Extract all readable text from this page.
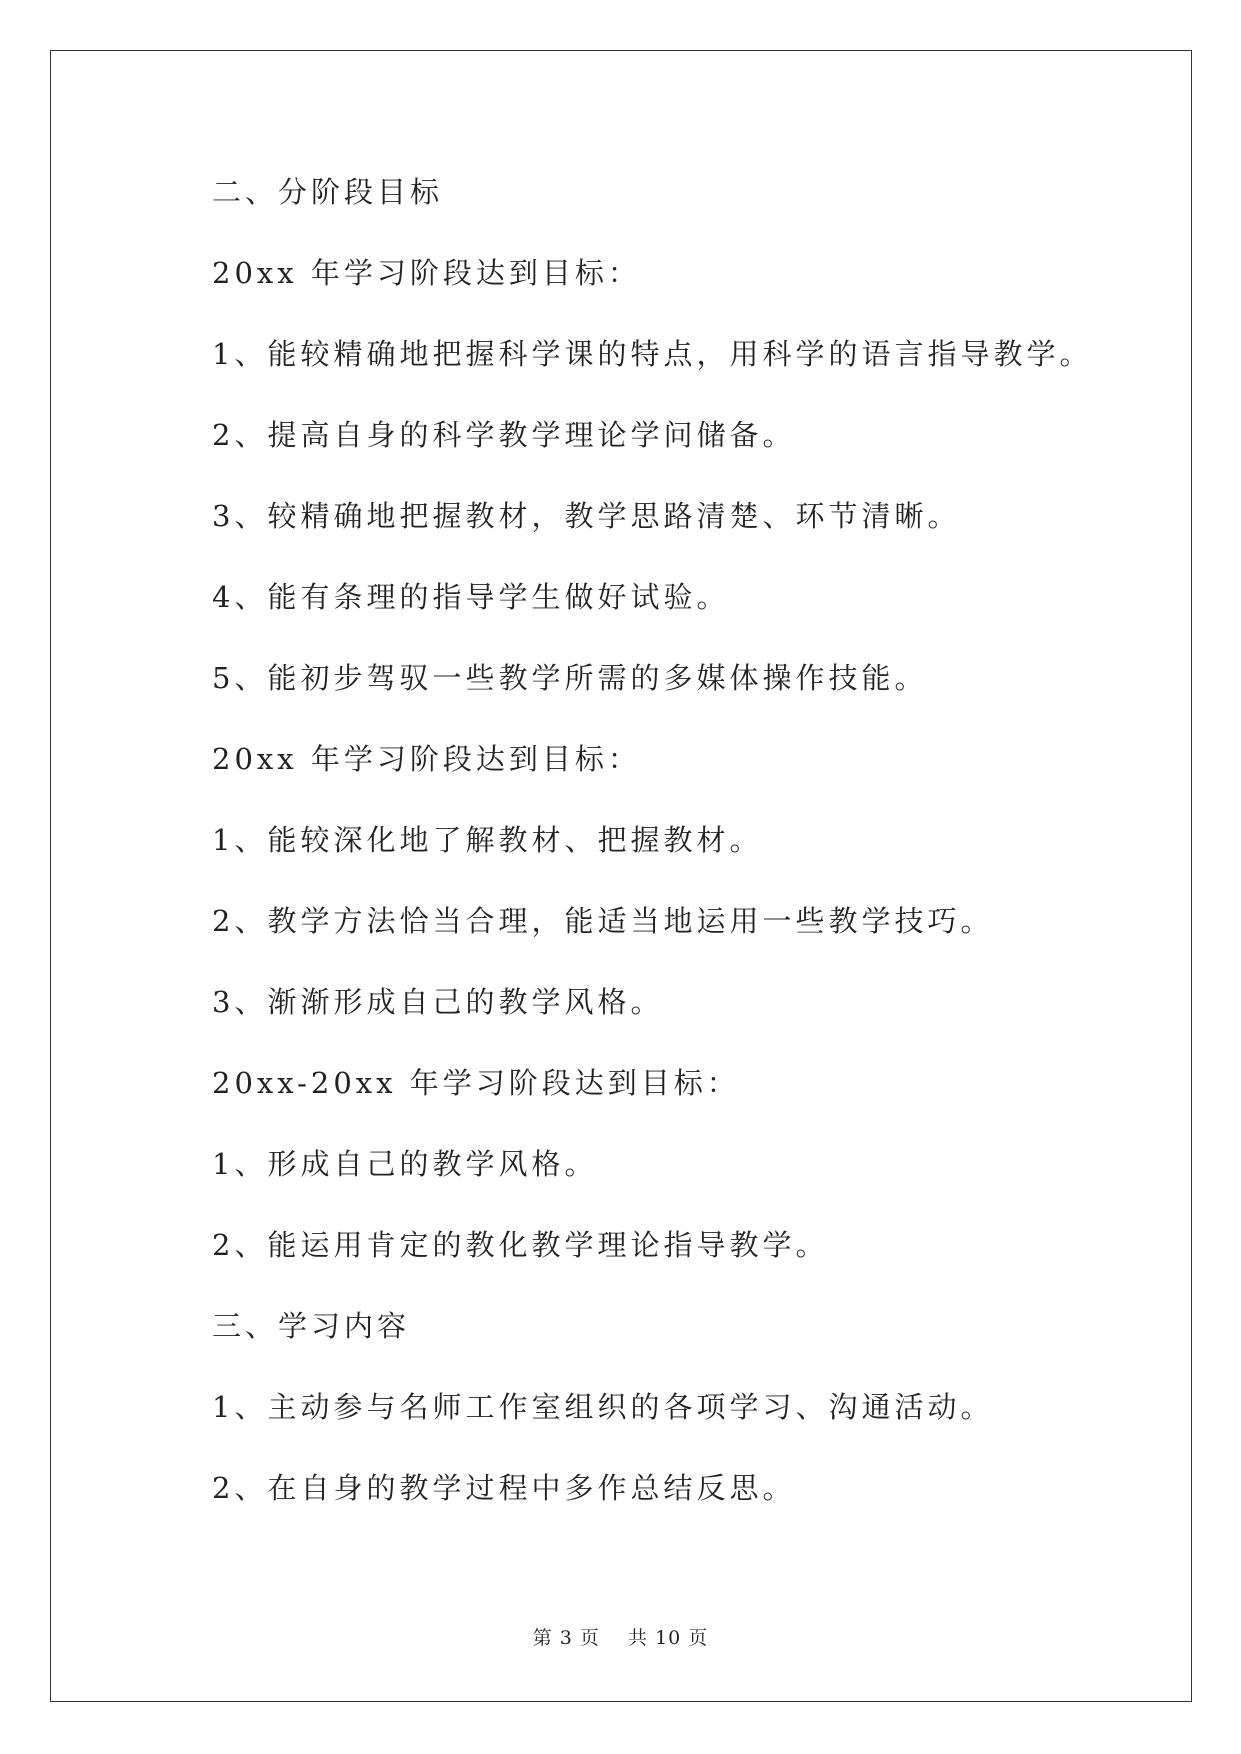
二、分阶段目标
20xx 年学习阶段达到目标：
1、能较精确地把握科学课的特点，用科学的语言指导教学。
2、提高自身的科学教学理论学问储备。
3、较精确地把握教材，教学思路清楚、环节清晰。
4、能有条理的指导学生做好试验。
5、能初步驾驭一些教学所需的多媒体操作技能。
20xx 年学习阶段达到目标：
1、能较深化地了解教材、把握教材。
2、教学方法恰当合理，能适当地运用一些教学技巧。
3、渐渐形成自己的教学风格。
20xx-20xx 年学习阶段达到目标：
1、形成自己的教学风格。
2、能运用肯定的教化教学理论指导教学。
三、学习内容
1、主动参与名师工作室组织的各项学习、沟通活动。
2、在自身的教学过程中多作总结反思。
第 3 页    共 10 页
